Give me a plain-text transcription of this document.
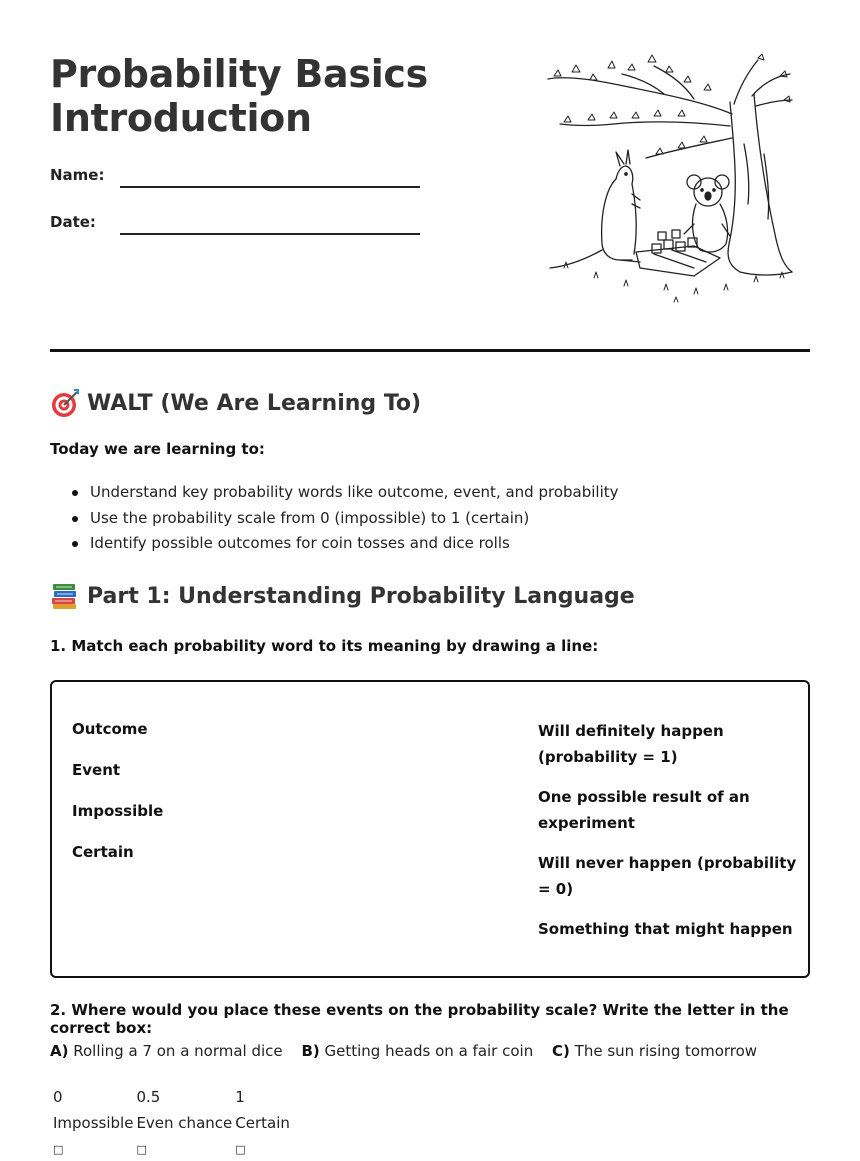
Probability Basics
Introduction
Name:
Date:
WALT (We Are Learning To)

Today we are learning to:

Understand key probability words like outcome, event, and probability
Use the probability scale from 0 (impossible) to 1 (certain)
Identify possible outcomes for coin tosses and dice rolls
Part 1: Understanding Probability Language

1. Match each probability word to its meaning by drawing a line:

Outcome
Event
Impossible
Certain
Will definitely happen (probability = 1)
One possible result of an experiment
Will never happen (probability = 0)
Something that might happen

2. Where would you place these events on the probability scale? Write the letter in the correct box:

A) Rolling a 7 on a normal dice B) Getting heads on a fair coin C) The sun rising tomorrow
0	0.5	1
Impossible	Even chance	Certain
□	□	□
